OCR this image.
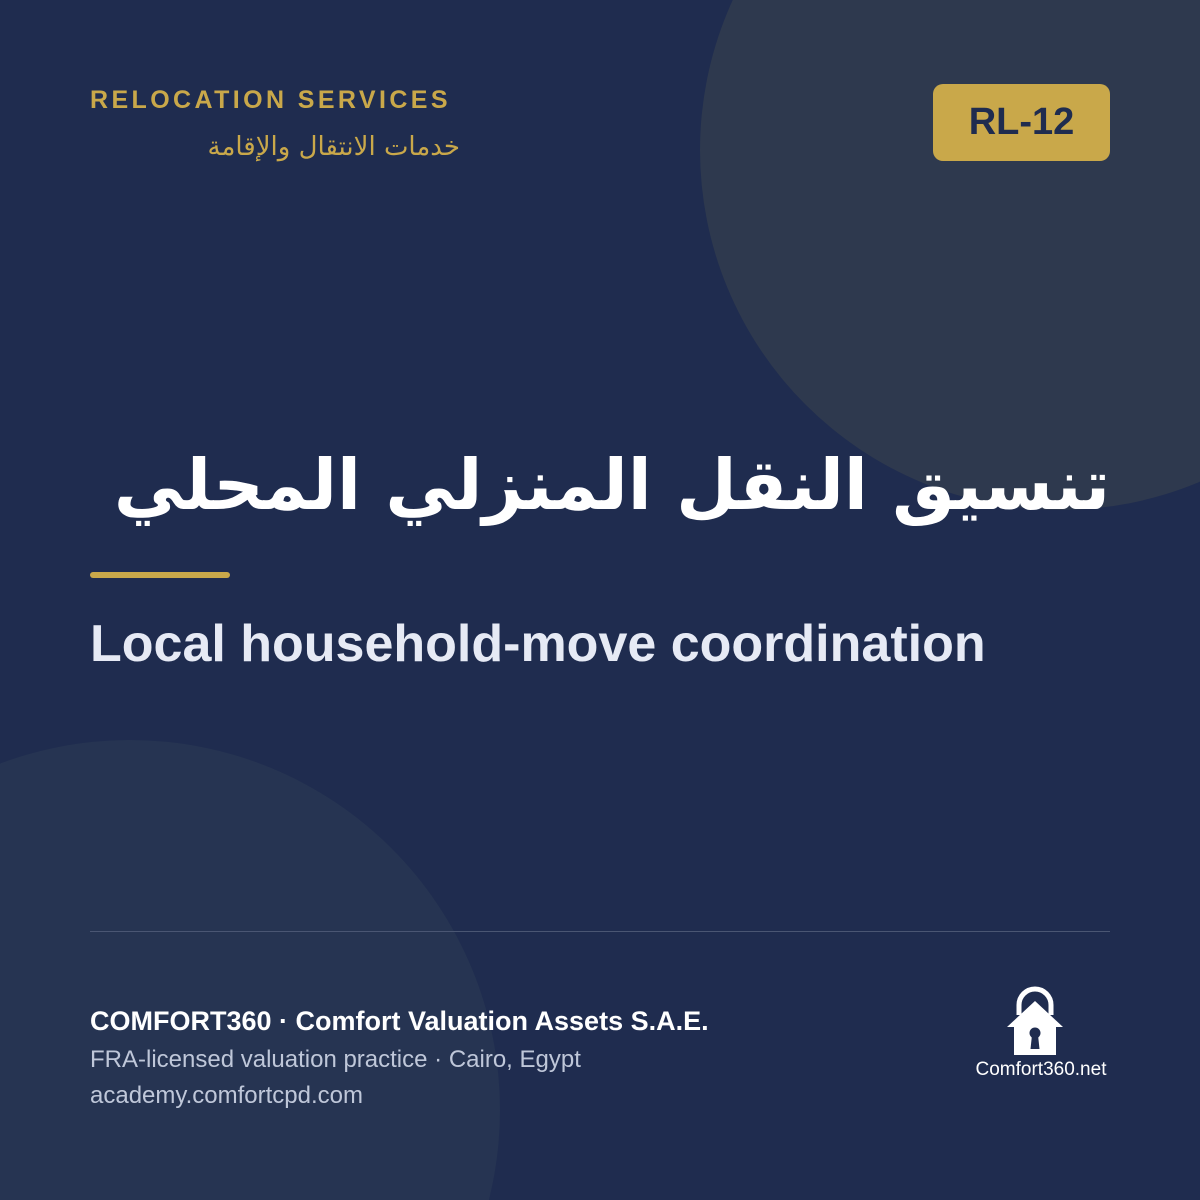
RELOCATION SERVICES
خدمات الانتقال والإقامة
RL-12
تنسيق النقل المنزلي المحلي
Local household-move coordination
COMFORT360 · Comfort Valuation Assets S.A.E.
FRA-licensed valuation practice · Cairo, Egypt
academy.comfortcpd.com
Comfort360.net
